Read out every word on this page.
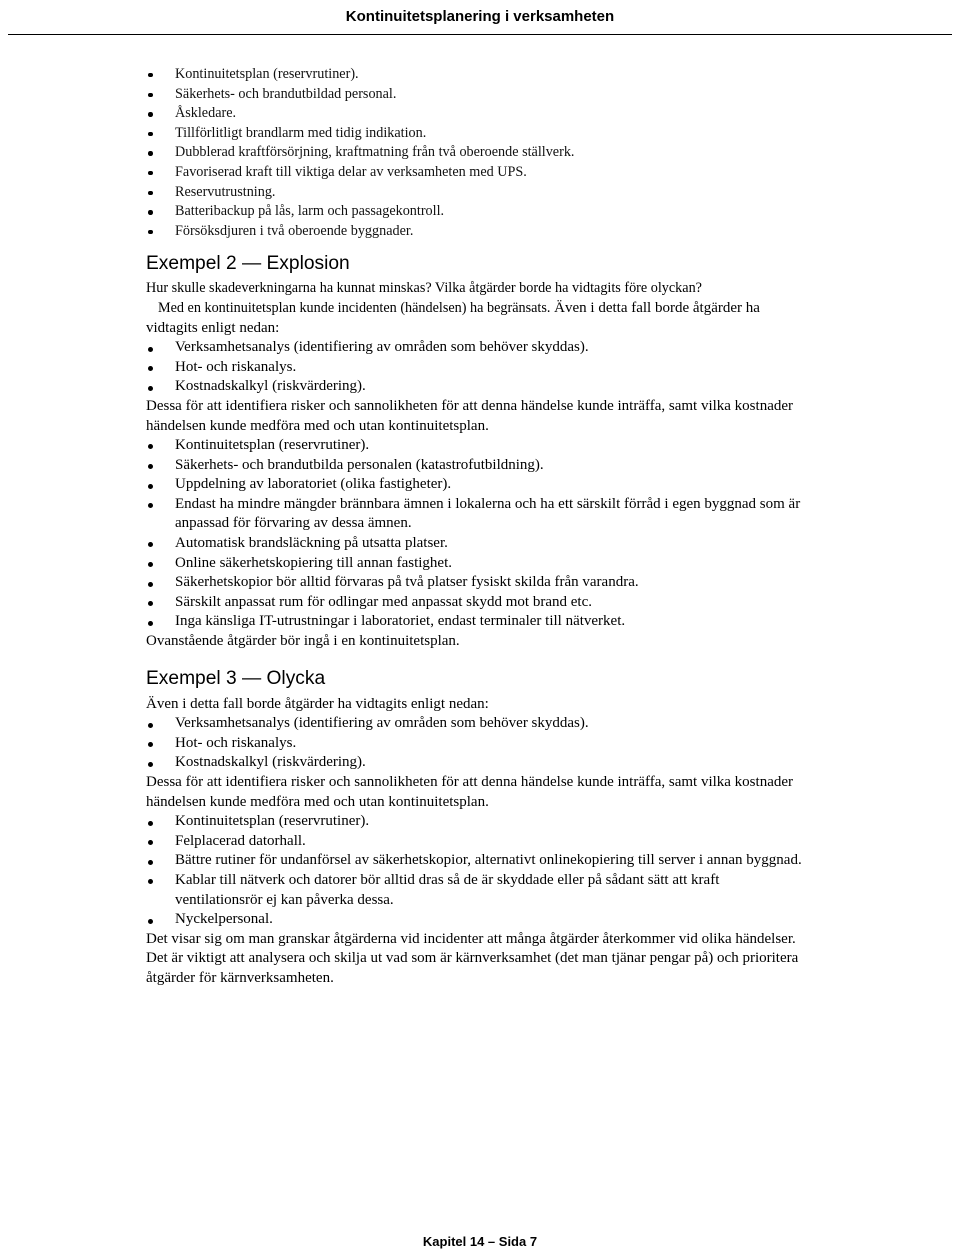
Kontinuitetsplanering i verksamheten
Kontinuitetsplan (reservrutiner).
Säkerhets- och brandutbildad personal.
Åskledare.
Tillförlitligt brandlarm med tidig indikation.
Dubblerad kraftförsörjning, kraftmatning från två oberoende ställverk.
Favoriserad kraft till viktiga delar av verksamheten med UPS.
Reservutrustning.
Batteribackup på lås, larm och passagekontroll.
Försöksdjuren i två oberoende byggnader.
Exempel 2 — Explosion

Hur skulle skadeverkningarna ha kunnat minskas? Vilka åtgärder borde ha vidtagits före olyckan?

Med en kontinuitetsplan kunde incidenten (händelsen) ha begränsats. Även i detta fall borde åtgärder ha vidtagits enligt nedan:

Verksamhetsanalys (identifiering av områden som behöver skyddas).
Hot- och riskanalys.
Kostnadskalkyl (riskvärdering).

Dessa för att identifiera risker och sannolikheten för att denna händelse kunde inträffa, samt vilka kostnader händelsen kunde medföra med och utan kontinuitetsplan.

Kontinuitetsplan (reservrutiner).
Säkerhets- och brandutbilda personalen (katastrofutbildning).
Uppdelning av laboratoriet (olika fastigheter).
Endast ha mindre mängder brännbara ämnen i lokalerna och ha ett särskilt förråd i egen byggnad som är anpassad för förvaring av dessa ämnen.
Automatisk brandsläckning på utsatta platser.
Online säkerhetskopiering till annan fastighet.
Säkerhetskopior bör alltid förvaras på två platser fysiskt skilda från varandra.
Särskilt anpassat rum för odlingar med anpassat skydd mot brand etc.
Inga känsliga IT-utrustningar i laboratoriet, endast terminaler till nätverket.

Ovanstående åtgärder bör ingå i en kontinuitetsplan.

Exempel 3 — Olycka

Även i detta fall borde åtgärder ha vidtagits enligt nedan:

Verksamhetsanalys (identifiering av områden som behöver skyddas).
Hot- och riskanalys.
Kostnadskalkyl (riskvärdering).

Dessa för att identifiera risker och sannolikheten för att denna händelse kunde inträffa, samt vilka kostnader händelsen kunde medföra med och utan kontinuitetsplan.

Kontinuitetsplan (reservrutiner).
Felplacerad datorhall.
Bättre rutiner för undanförsel av säkerhetskopior, alternativt onlinekopiering till server i annan byggnad.
Kablar till nätverk och datorer bör alltid dras så de är skyddade eller på sådant sätt att kraft ventilationsrör ej kan påverka dessa.
Nyckelpersonal.

Det visar sig om man granskar åtgärderna vid incidenter att många åtgärder återkommer vid olika händelser. Det är viktigt att analysera och skilja ut vad som är kärnverksamhet (det man tjänar pengar på) och prioritera åtgärder för kärnverksamheten.

Kapitel 14 – Sida 7
